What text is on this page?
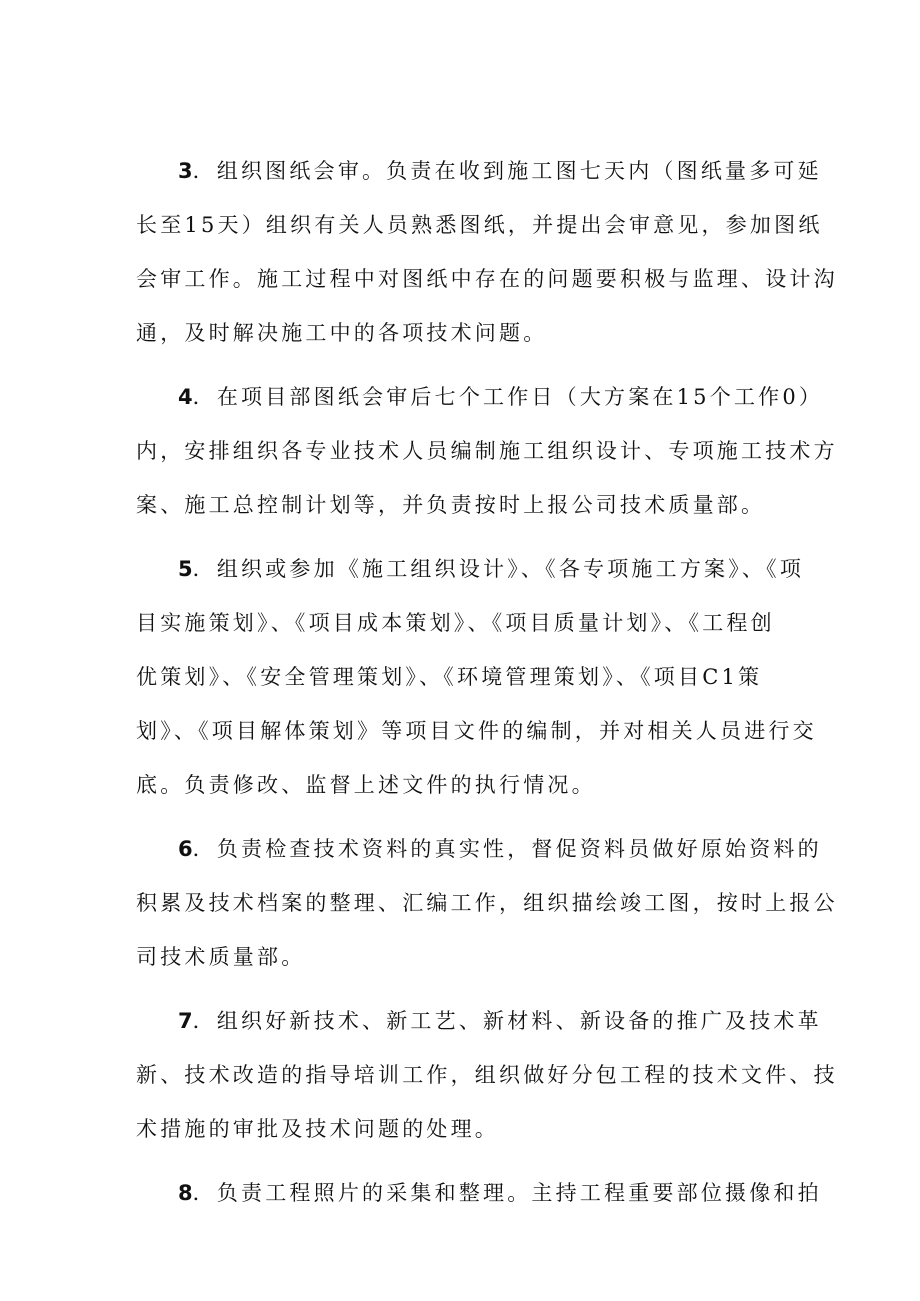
3．组织图纸会审。负责在收到施工图七天内（图纸量多可延
长至15天）组织有关人员熟悉图纸，并提出会审意见，参加图纸
会审工作。施工过程中对图纸中存在的问题要积极与监理、设计沟
通，及时解决施工中的各项技术问题。

4．在项目部图纸会审后七个工作日（大方案在15个工作0）
内，安排组织各专业技术人员编制施工组织设计、专项施工技术方
案、施工总控制计划等，并负责按时上报公司技术质量部。

5．组织或参加《施工组织设计》、《各专项施工方案》、《项
目实施策划》、《项目成本策划》、《项目质量计划》、《工程创
优策划》、《安全管理策划》、《环境管理策划》、《项目C1策
划》、《项目解体策划》等项目文件的编制，并对相关人员进行交
底。负责修改、监督上述文件的执行情况。

6．负责检查技术资料的真实性，督促资料员做好原始资料的
积累及技术档案的整理、汇编工作，组织描绘竣工图，按时上报公
司技术质量部。

7．组织好新技术、新工艺、新材料、新设备的推广及技术革
新、技术改造的指导培训工作，组织做好分包工程的技术文件、技
术措施的审批及技术问题的处理。

8．负责工程照片的采集和整理。主持工程重要部位摄像和拍
